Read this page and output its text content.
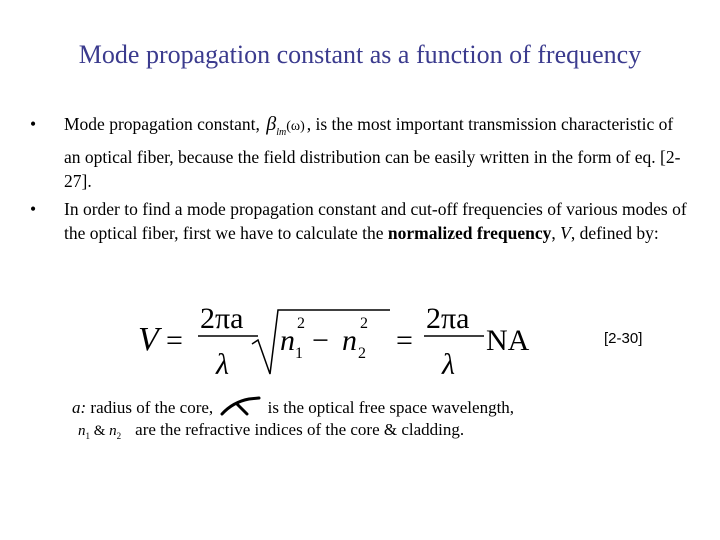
Mode propagation constant as a function of frequency
• Mode propagation constant, $\beta_{lm}(\omega)$ , is the most important transmission characteristic of an optical fiber, because the field distribution can be easily written in the form of eq. [2-27].
• In order to find a mode propagation constant and cut-off frequencies of various modes of the optical fiber, first we have to calculate the normalized frequency, V, defined by:
V =
2πa
λ
n 1
2
− n 2
2
=
2πa
λ
NA	[2-30]
a: radius of the core,	is the optical free space wavelength,
$n_1$ & $n_2$ are the refractive indices of the core & cladding.
